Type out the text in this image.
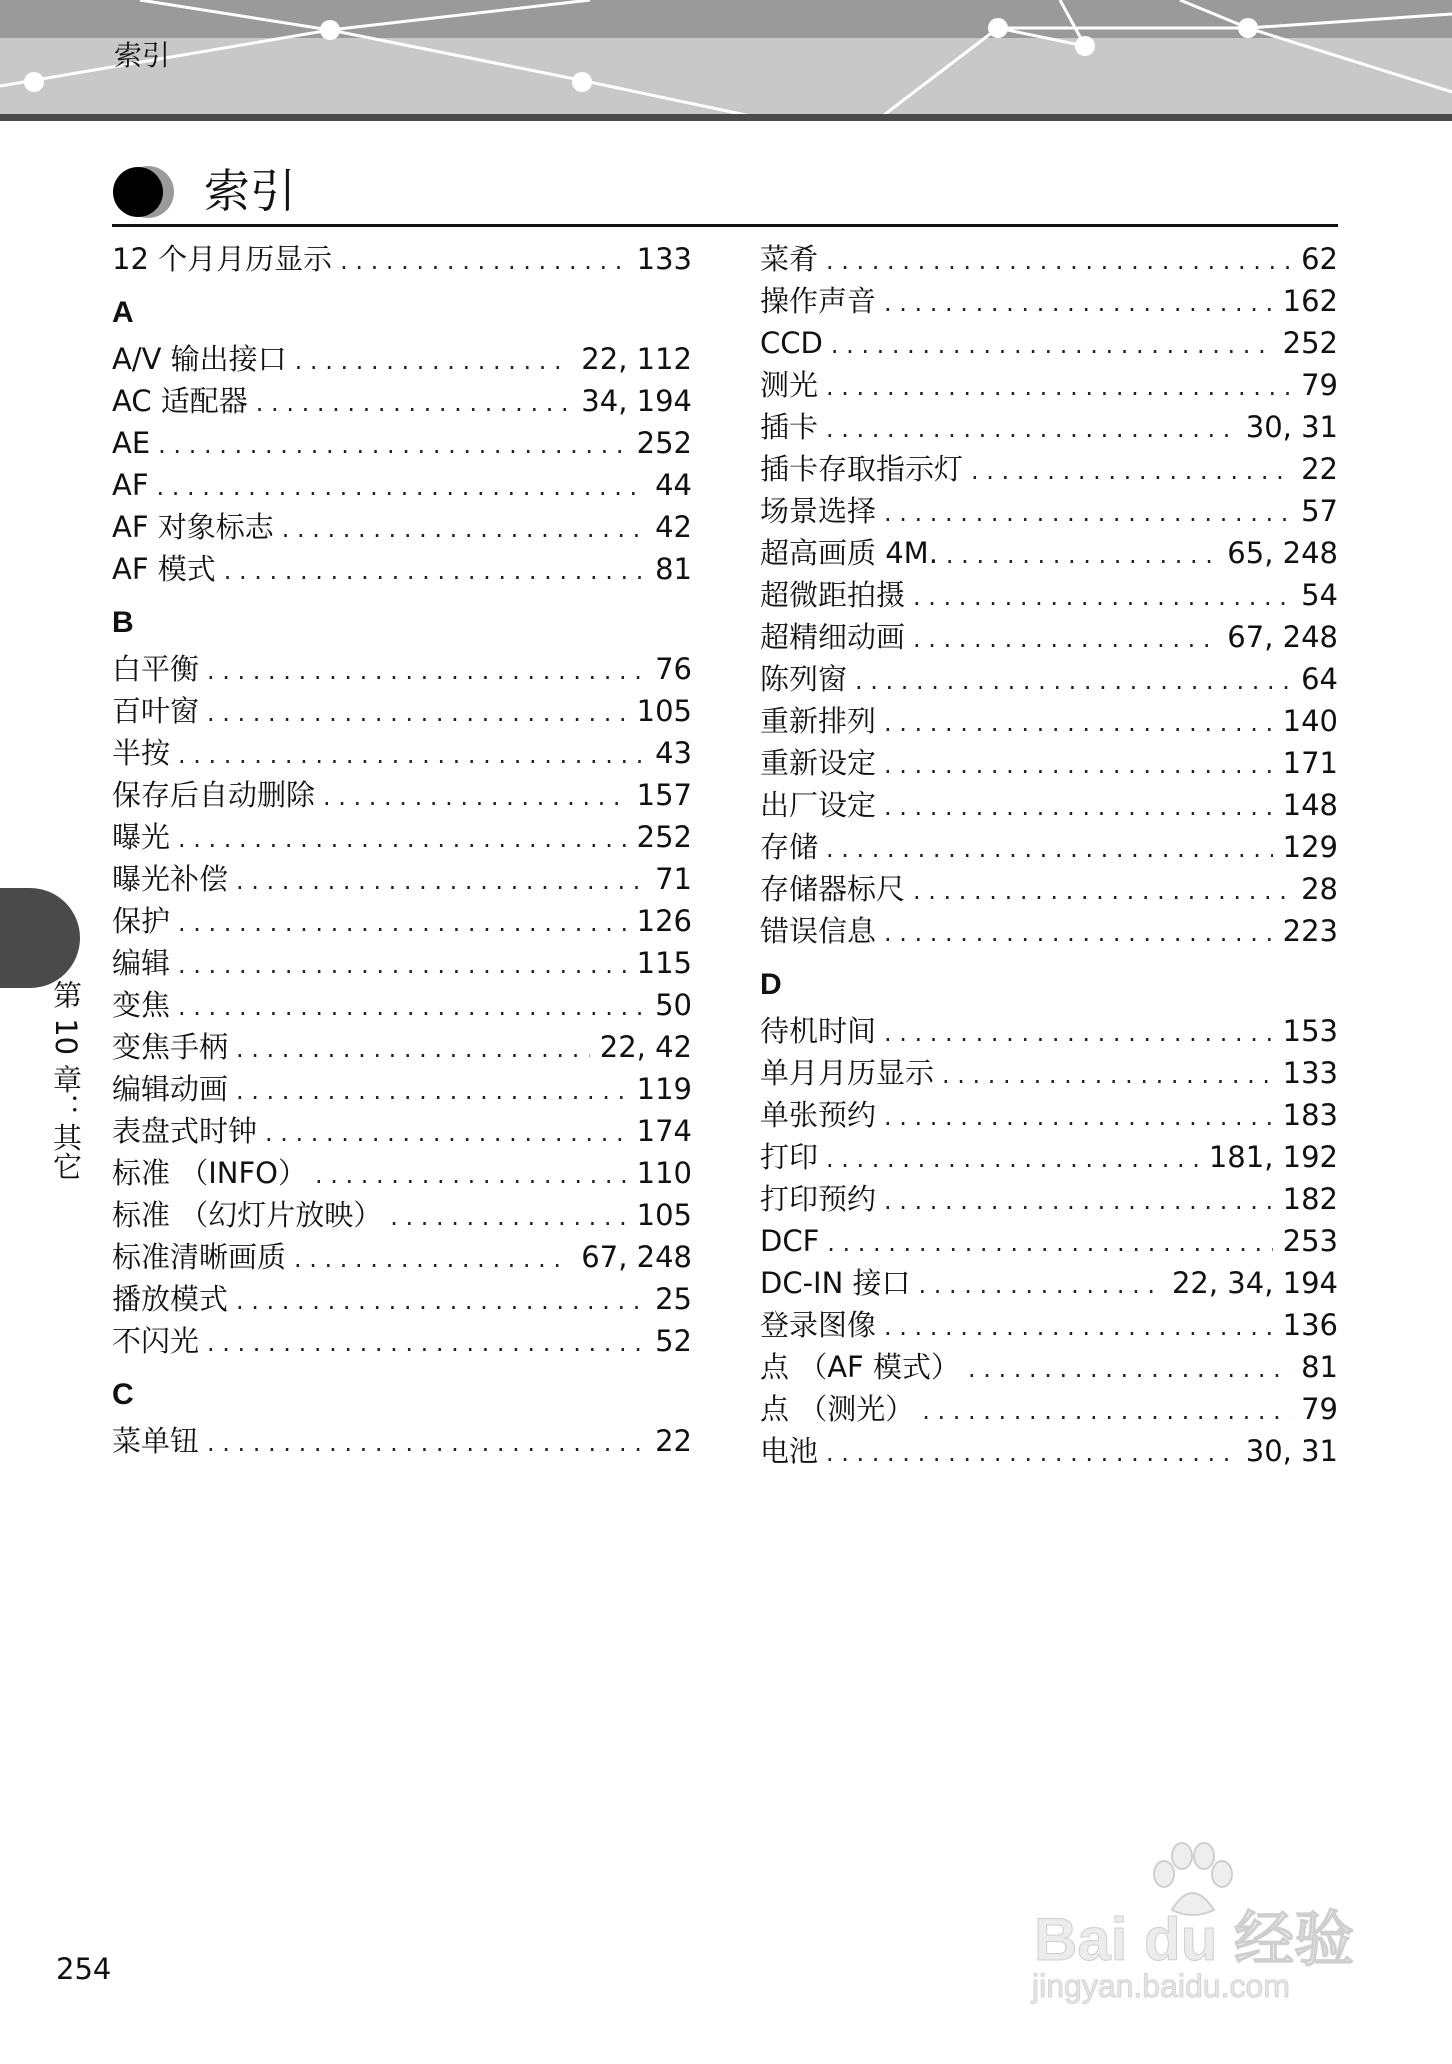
索引
索引
12 个月月历显示 . . .	133
A
A/V 输出接口 . . .	22, 112
AC 适配器 . . .	34, 194
AE . . .	252
AF . . .	44
AF 对象标志 . . .	42
AF 模式 . . .	81
B
白平衡 . . .	76
百叶窗 . . .	105
半按 . . .	43
保存后自动删除 . . .	157
曝光 . . .	252
曝光补偿 . . .	71
保护 . . .	126
编辑 . . .	115
变焦 . . .	50
变焦手柄 . . .	22, 42
编辑动画 . . .	119
表盘式时钟 . . .	174
标准 （INFO） . . .	110
标准 （幻灯片放映） . . .	105
标准清晰画质 . . .	67, 248
播放模式 . . .	25
不闪光 . . .	52
C
菜单钮 . . .	22
菜肴 . . .	62
操作声音 . . .	162
CCD . . .	252
测光 . . .	79
插卡 . . .	30, 31
插卡存取指示灯 . . .	22
场景选择 . . .	57
超高画质 4M. . . .	65, 248
超微距拍摄 . . .	54
超精细动画 . . .	67, 248
陈列窗 . . .	64
重新排列 . . .	140
重新设定 . . .	171
出厂设定 . . .	148
存储 . . .	129
存储器标尺 . . .	28
错误信息 . . .	223
D
待机时间 . . .	153
单月月历显示 . . .	133
单张预约 . . .	183
打印 . . .	181, 192
打印预约 . . .	182
DCF . . .	253
DC-IN 接口 . . .	22, 34, 194
登录图像 . . .	136
点 （AF 模式） . . .	81
点 （测光） . . .	79
电池 . . .	30, 31
第 10 章：其它
254	Bai du 经验
jingyan.baidu.com
